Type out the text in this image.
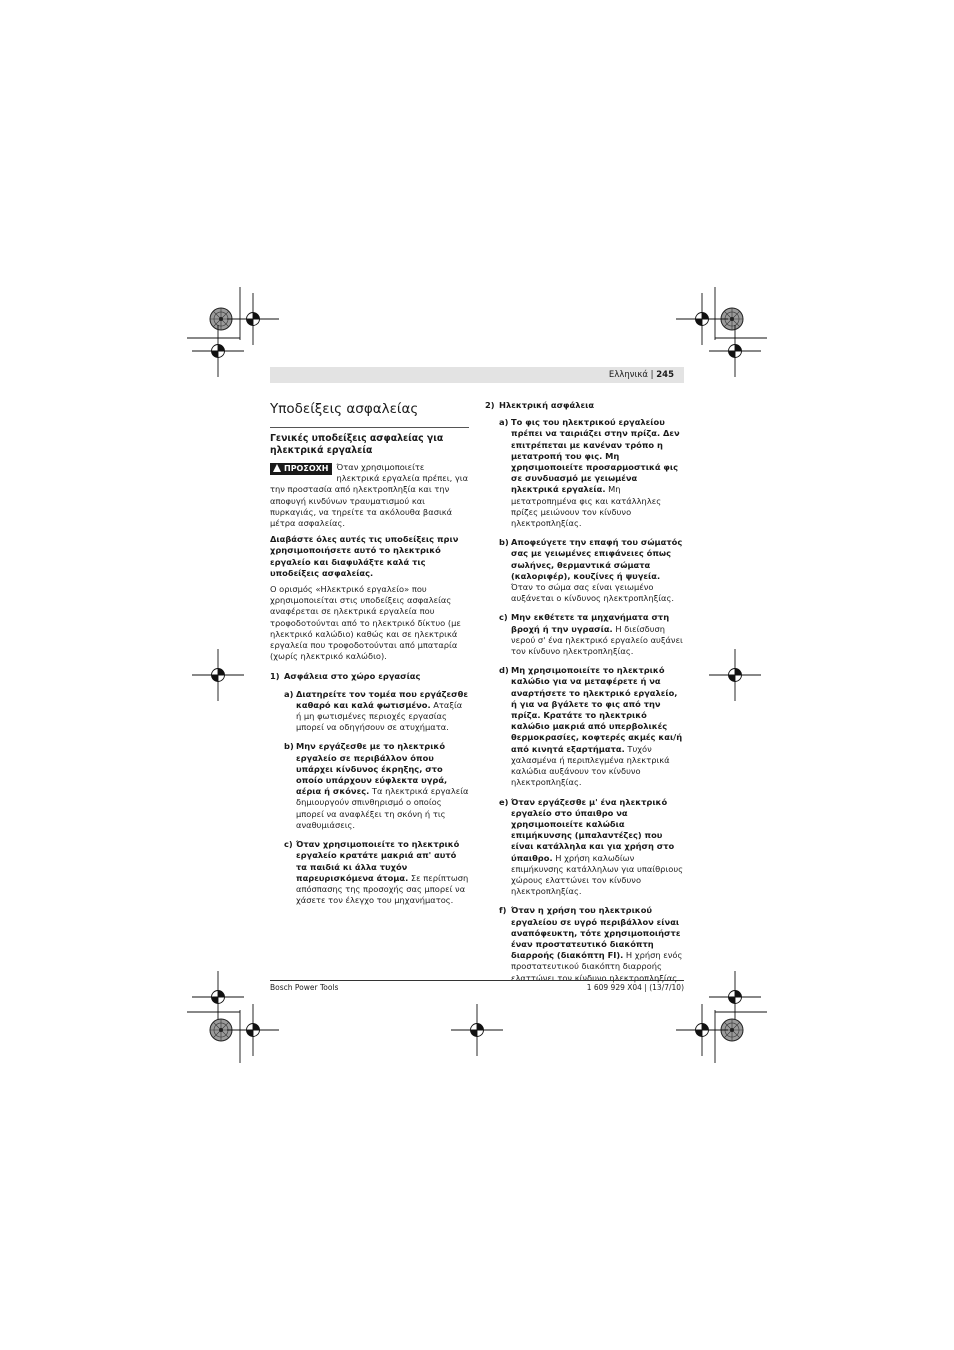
Ελληνικά | 245
Υποδείξεις ασφαλείας
Γενικές υποδείξεις ασφαλείας για ηλεκτρικά εργαλεία

ΠΡΟΣΟΧΗ Όταν χρησιμοποιείτε ηλεκτρικά εργαλεία πρέπει, για την προστασία από ηλεκτροπληξία και την αποφυγή κινδύνων τραυματισμού και πυρκαγιάς, να τηρείτε τα ακόλουθα βασικά μέτρα ασφαλείας.

Διαβάστε όλες αυτές τις υποδείξεις πριν χρησιμοποιήσετε αυτό το ηλεκτρικό εργαλείο και διαφυλάξτε καλά τις υποδείξεις ασφαλείας.

Ο ορισμός «Ηλεκτρικό εργαλείο» που χρησιμοποιείται στις υποδείξεις ασφαλείας αναφέρεται σε ηλεκτρικά εργαλεία που τροφοδοτούνται από το ηλεκτρικό δίκτυο (με ηλεκτρικό καλώδιο) καθώς και σε ηλεκτρικά εργαλεία που τροφοδοτούνται από μπαταρία (χωρίς ηλεκτρικό καλώδιο).

1) Ασφάλεια στο χώρο εργασίας
a) Διατηρείτε τον τομέα που εργάζεσθε καθαρό και καλά φωτισμένο. Αταξία ή μη φωτισμένες περιοχές εργασίας μπορεί να οδηγήσουν σε ατυχήματα.
b) Μην εργάζεσθε με το ηλεκτρικό εργαλείο σε περιβάλλον όπου υπάρχει κίνδυνος έκρηξης, στο οποίο υπάρχουν εύφλεκτα υγρά, αέρια ή σκόνες. Τα ηλεκτρικά εργαλεία δημιουργούν σπινθηρισμό ο οποίος μπορεί να αναφλέξει τη σκόνη ή τις αναθυμιάσεις.
c) Όταν χρησιμοποιείτε το ηλεκτρικό εργαλείο κρατάτε μακριά απ' αυτό τα παιδιά κι άλλα τυχόν παρευρισκόμενα άτομα. Σε περίπτωση απόσπασης της προσοχής σας μπορεί να χάσετε τον έλεγχο του μηχανήματος.
2) Ηλεκτρική ασφάλεια
a) Το φις του ηλεκτρικού εργαλείου πρέπει να ταιριάζει στην πρίζα. Δεν επιτρέπεται με κανέναν τρόπο η μετατροπή του φις. Μη χρησιμοποιείτε προσαρμοστικά φις σε συνδυασμό με γειωμένα ηλεκτρικά εργαλεία. Μη μετατροπημένα φις και κατάλληλες πρίζες μειώνουν τον κίνδυνο ηλεκτροπληξίας.
b) Αποφεύγετε την επαφή του σώματός σας με γειωμένες επιφάνειες όπως σωλήνες, θερμαντικά σώματα (καλοριφέρ), κουζίνες ή ψυγεία. Όταν το σώμα σας είναι γειωμένο αυξάνεται ο κίνδυνος ηλεκτροπληξίας.
c) Μην εκθέτετε τα μηχανήματα στη βροχή ή την υγρασία. Η διείσδυση νερού σ' ένα ηλεκτρικό εργαλείο αυξάνει τον κίνδυνο ηλεκτροπληξίας.
d) Μη χρησιμοποιείτε το ηλεκτρικό καλώδιο για να μεταφέρετε ή να αναρτήσετε το ηλεκτρικό εργαλείο, ή για να βγάλετε το φις από την πρίζα. Κρατάτε το ηλεκτρικό καλώδιο μακριά από υπερβολικές θερμοκρασίες, κοφτερές ακμές και/ή από κινητά εξαρτήματα. Τυχόν χαλασμένα ή περιπλεγμένα ηλεκτρικά καλώδια αυξάνουν τον κίνδυνο ηλεκτροπληξίας.
e) Όταν εργάζεσθε μ' ένα ηλεκτρικό εργαλείο στο ύπαιθρο να χρησιμοποιείτε καλώδια επιμήκυνσης (μπαλαντέζες) που είναι κατάλληλα και για χρήση στο ύπαιθρο. Η χρήση καλωδίων επιμήκυνσης κατάλληλων για υπαίθριους χώρους ελαττώνει τον κίνδυνο ηλεκτροπληξίας.
f) Όταν η χρήση του ηλεκτρικού εργαλείου σε υγρό περιβάλλον είναι αναπόφευκτη, τότε χρησιμοποιήστε έναν προστατευτικό διακόπτη διαρροής (διακόπτη FI). Η χρήση ενός προστατευτικού διακόπτη διαρροής ελαττώνει τον κίνδυνο ηλεκτροπληξίας.
Bosch Power Tools	1 609 929 X04 | (13/7/10)
